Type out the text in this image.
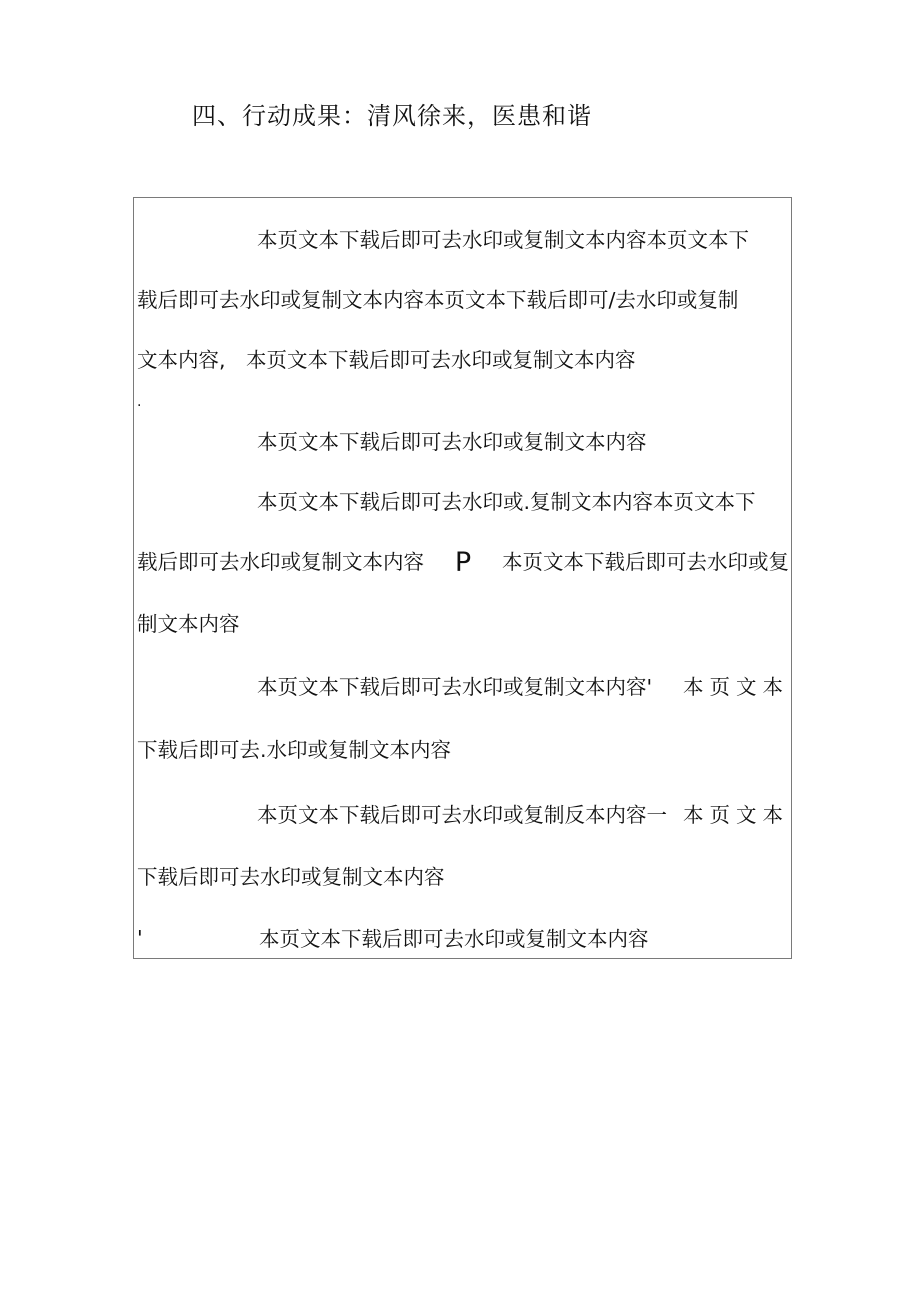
四、行动成果：清风徐来，医患和谐
本页文本下载后即可去水印或复制文本内容本页文本下
载后即可去水印或复制文本内容本页文本下载后即可/去水印或复制
文本内容,　本页文本下载后即可去水印或复制文本内容
.
本页文本下载后即可去水印或复制文本内容
本页文本下载后即可去水印或.复制文本内容本页文本下
载后即可去水印或复制文本内容 P 本页文本下载后即可去水印或复
制文本内容
本页文本下载后即可去水印或复制文本内容' 本页文本
下载后即可去.水印或复制文本内容
本页文本下载后即可去水印或复制反本内容一 本页文本
下载后即可去水印或复制文本内容
'	本页文本下载后即可去水印或复制文本内容
